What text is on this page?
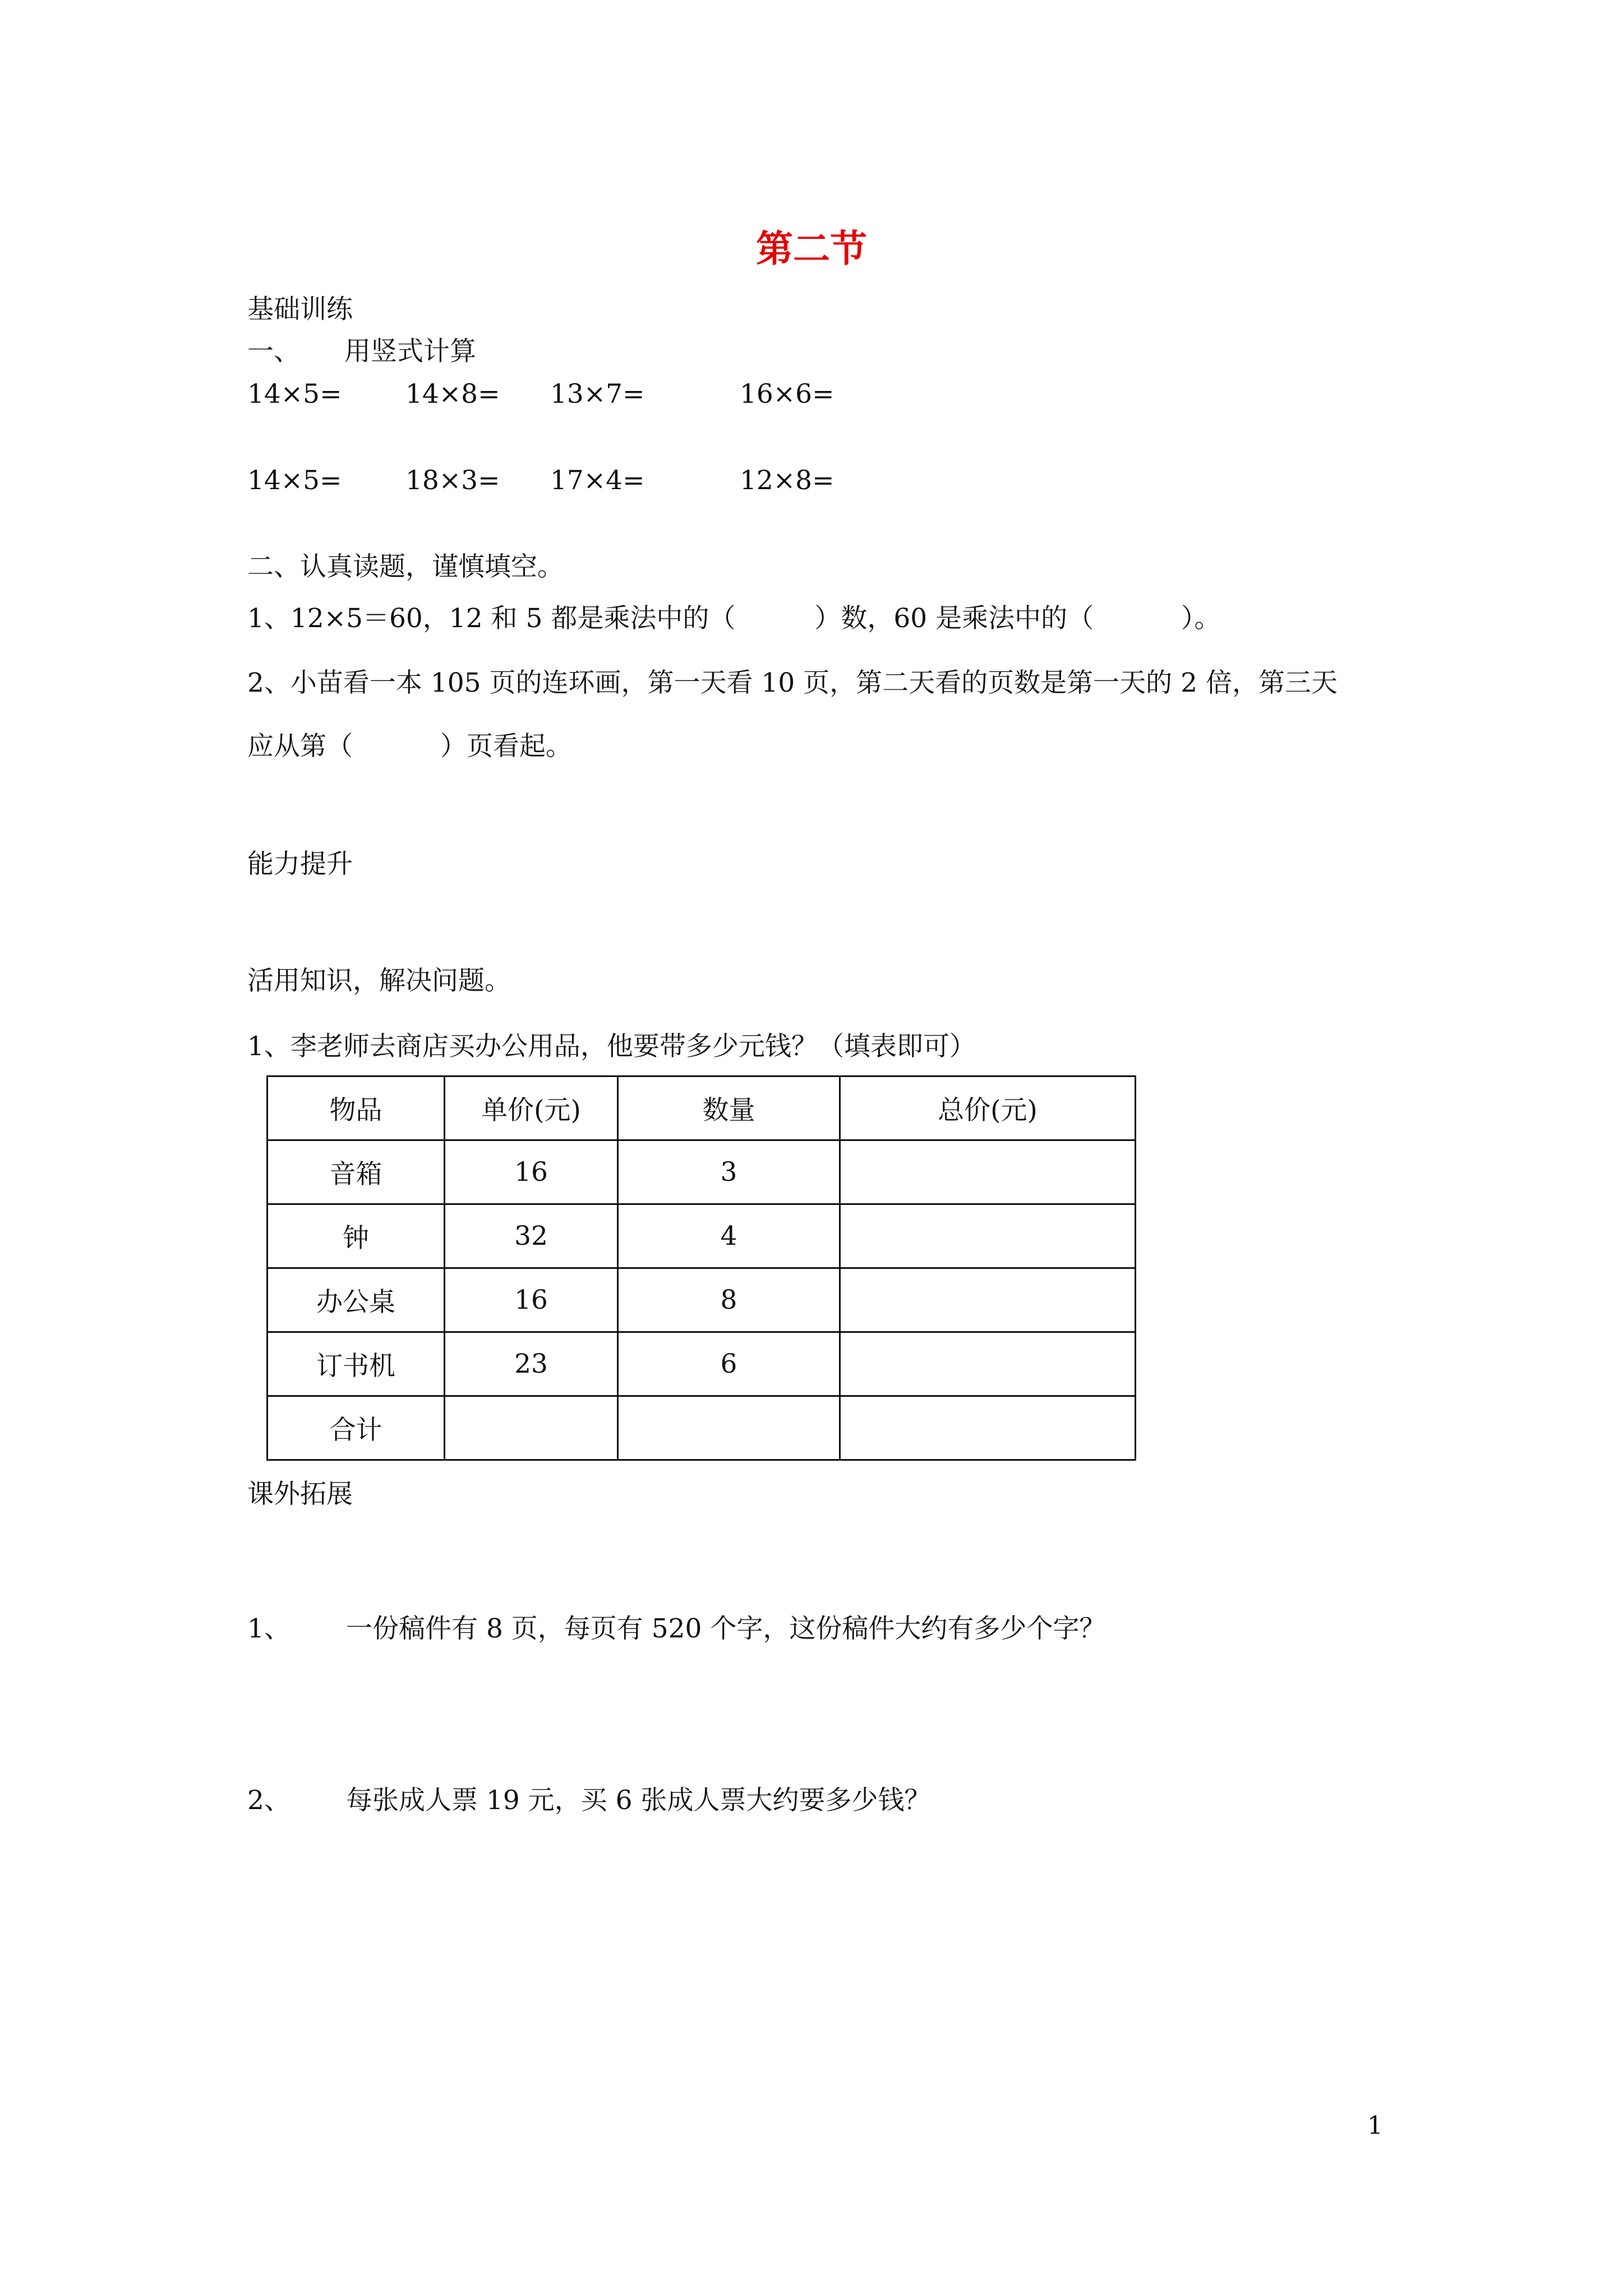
第二节
基础训练
一、 用竖式计算
14×5= 14×8= 13×7=	16×6=
14×5= 18×3= 17×4=	12×8=
二、认真读题，谨慎填空。
1、12×5＝60，12 和 5 都是乘法中的（　　　）数，60 是乘法中的（　　　 ）。
2、小苗看一本 105 页的连环画，第一天看 10 页，第二天看的页数是第一天的 2 倍，第三天
应从第（　　　 ）页看起。
能力提升
活用知识，解决问题。
1、李老师去商店买办公用品，他要带多少元钱？（填表即可）
物品	单价(元)	数量	总价(元)
音箱	16	3	
钟	32	4	
办公桌	16	8	
订书机	23	6	
合计			
课外拓展
1、 一份稿件有 8 页，每页有 520 个字，这份稿件大约有多少个字？
2、 每张成人票 19 元，买 6 张成人票大约要多少钱？
1
